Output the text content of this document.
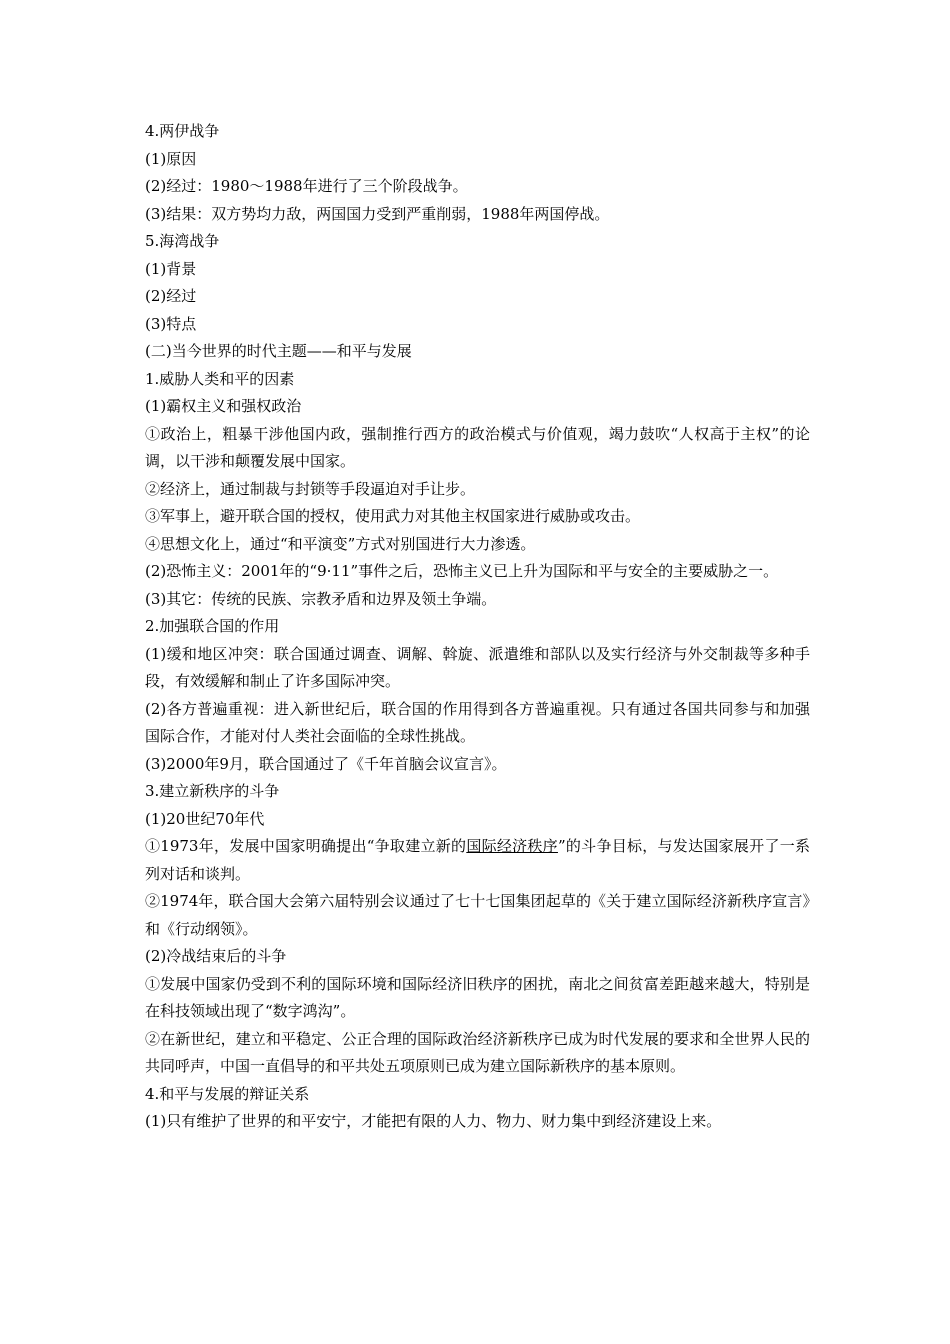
4.两伊战争

(1)原因

(2)经过：1980～1988年进行了三个阶段战争。

(3)结果：双方势均力敌，两国国力受到严重削弱，1988年两国停战。

5.海湾战争

(1)背景

(2)经过

(3)特点

(二)当今世界的时代主题——和平与发展

1.威胁人类和平的因素

(1)霸权主义和强权政治

①政治上，粗暴干涉他国内政，强制推行西方的政治模式与价值观，竭力鼓吹“人权高于主权”的论调，以干涉和颠覆发展中国家。

②经济上，通过制裁与封锁等手段逼迫对手让步。

③军事上，避开联合国的授权，使用武力对其他主权国家进行威胁或攻击。

④思想文化上，通过“和平演变”方式对别国进行大力渗透。

(2)恐怖主义：2001年的“9·11”事件之后，恐怖主义已上升为国际和平与安全的主要威胁之一。

(3)其它：传统的民族、宗教矛盾和边界及领土争端。

2.加强联合国的作用

(1)缓和地区冲突：联合国通过调查、调解、斡旋、派遣维和部队以及实行经济与外交制裁等多种手段，有效缓解和制止了许多国际冲突。

(2)各方普遍重视：进入新世纪后，联合国的作用得到各方普遍重视。只有通过各国共同参与和加强国际合作，才能对付人类社会面临的全球性挑战。

(3)2000年9月，联合国通过了《千年首脑会议宣言》。

3.建立新秩序的斗争

(1)20世纪70年代

①1973年，发展中国家明确提出“争取建立新的国际经济秩序”的斗争目标，与发达国家展开了一系列对话和谈判。

②1974年，联合国大会第六届特别会议通过了七十七国集团起草的《关于建立国际经济新秩序宣言》和《行动纲领》。

(2)冷战结束后的斗争

①发展中国家仍受到不利的国际环境和国际经济旧秩序的困扰，南北之间贫富差距越来越大，特别是在科技领域出现了“数字鸿沟”。

②在新世纪，建立和平稳定、公正合理的国际政治经济新秩序已成为时代发展的要求和全世界人民的共同呼声，中国一直倡导的和平共处五项原则已成为建立国际新秩序的基本原则。

4.和平与发展的辩证关系

(1)只有维护了世界的和平安宁，才能把有限的人力、物力、财力集中到经济建设上来。
